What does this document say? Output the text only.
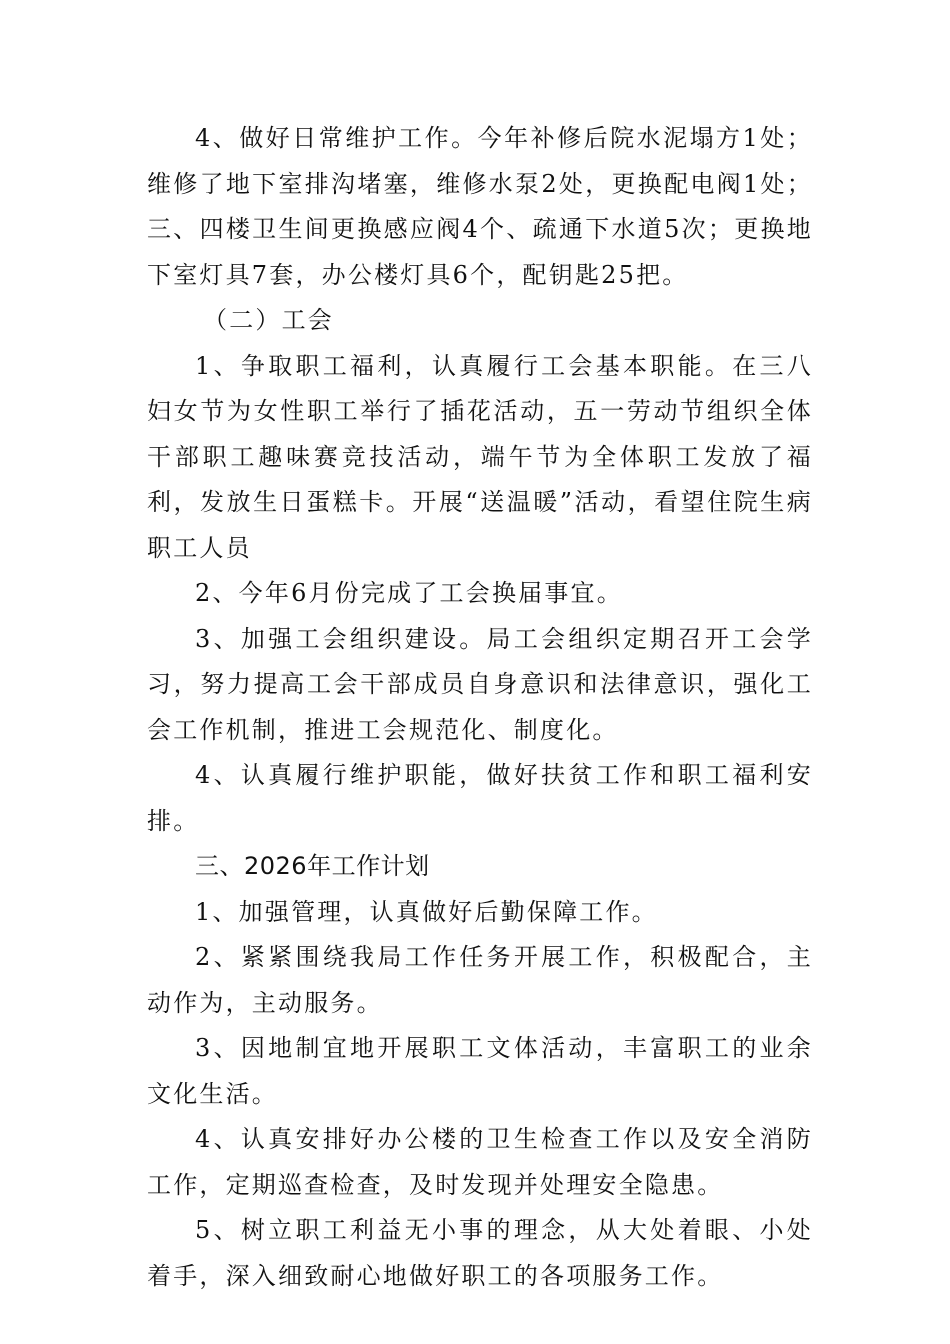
4、做好日常维护工作。今年补修后院水泥塌方1处；维修了地下室排沟堵塞，维修水泵2处，更换配电阀1处；三、四楼卫生间更换感应阀4个、疏通下水道5次；更换地下室灯具7套，办公楼灯具6个，配钥匙25把。

（二）工会

1、争取职工福利，认真履行工会基本职能。在三八妇女节为女性职工举行了插花活动，五一劳动节组织全体干部职工趣味赛竞技活动，端午节为全体职工发放了福利，发放生日蛋糕卡。开展“送温暖”活动，看望住院生病职工人员

2、今年6月份完成了工会换届事宜。

3、加强工会组织建设。局工会组织定期召开工会学习，努力提高工会干部成员自身意识和法律意识，强化工会工作机制，推进工会规范化、制度化。

4、认真履行维护职能，做好扶贫工作和职工福利安排。

三、2026年工作计划

1、加强管理，认真做好后勤保障工作。

2、紧紧围绕我局工作任务开展工作，积极配合，主动作为，主动服务。

3、因地制宜地开展职工文体活动，丰富职工的业余文化生活。

4、认真安排好办公楼的卫生检查工作以及安全消防工作，定期巡查检查，及时发现并处理安全隐患。

5、树立职工利益无小事的理念，从大处着眼、小处着手，深入细致耐心地做好职工的各项服务工作。
